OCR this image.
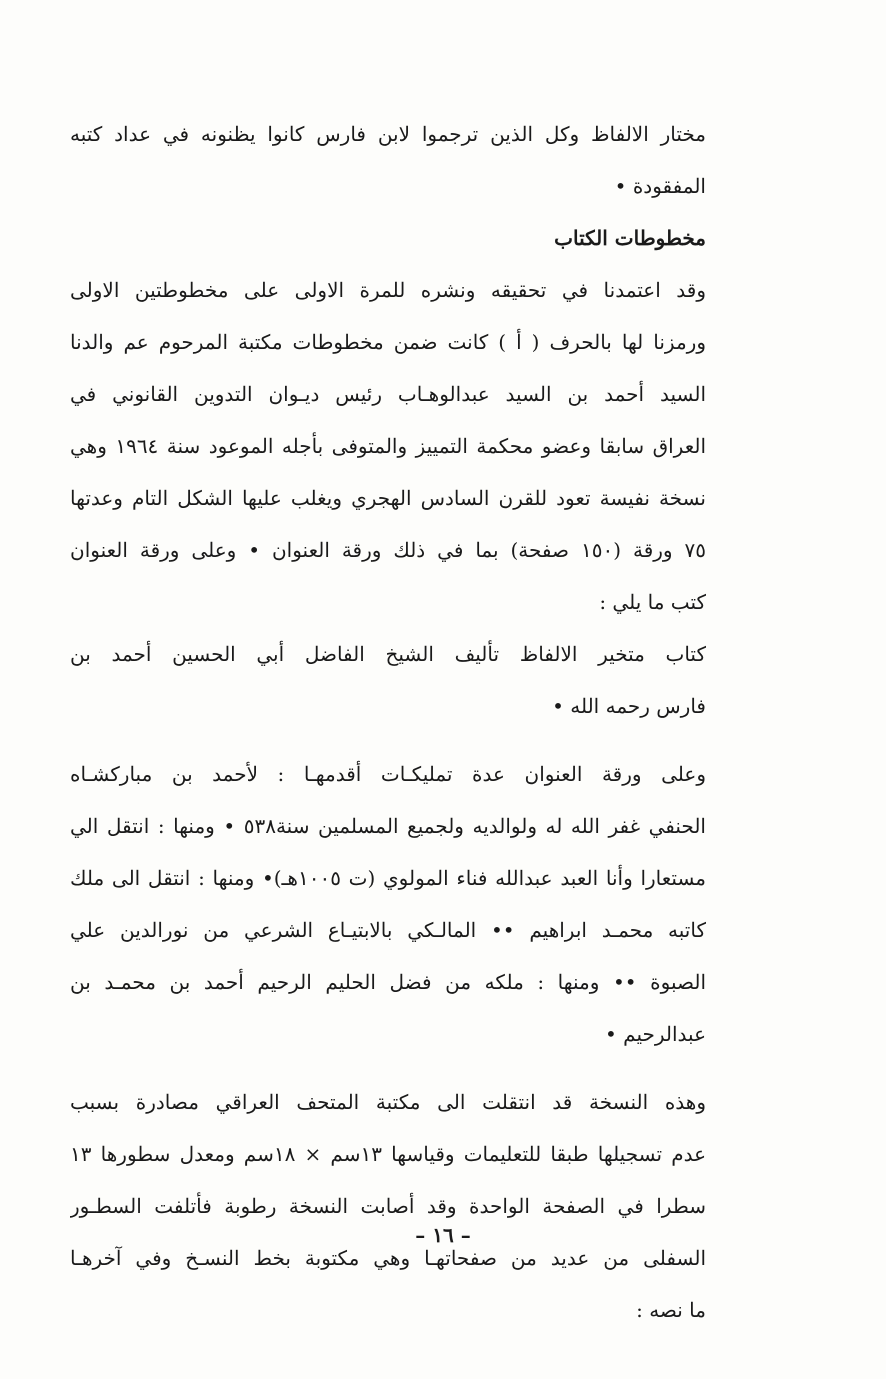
مختار الالفاظ وكل الذين ترجموا لابن فارس كانوا يظنونه في عداد كتبه
المفقودة •
مخطوطات الكتاب
وقد اعتمدنا في تحقيقه ونشره للمرة الاولى على مخطوطتين الاولى
ورمزنا لها بالحرف ( أ ) كانت ضمن مخطوطات مكتبة المرحوم عم والدنا
السيد أحمد بن السيد عبدالوهـاب رئيس ديـوان التدوين القانوني في
العراق سابقا وعضو محكمة التمييز والمتوفى بأجله الموعود سنة ١٩٦٤ وهي
نسخة نفيسة تعود للقرن السادس الهجري ويغلب عليها الشكل التام وعدتها
٧٥ ورقة (١٥٠ صفحة) بما في ذلك ورقة العنوان • وعلى ورقة العنوان
كتب ما يلي :
كتاب متخير الالفاظ تأليف الشيخ الفاضل أبي الحسين أحمد بن
فارس رحمه الله •
وعلى ورقة العنوان عدة تمليكـات أقدمهـا : لأحمد بن مباركشـاه
الحنفي غفر الله له ولوالديه ولجميع المسلمين سنة٥٣٨ • ومنها : انتقل الي
مستعارا وأنا العبد عبدالله فناء المولوي (ت ١٠٠٥هـ)• ومنها : انتقل الى ملك
كاتبه محمـد ابراهيم •• المالـكي بالابتيـاع الشرعي من نورالدين علي
الصبوة •• ومنها : ملكه من فضل الحليم الرحيم أحمد بن محمـد بن
عبدالرحيم •
وهذه النسخة قد انتقلت الى مكتبة المتحف العراقي مصادرة بسبب
عدم تسجيلها طبقا للتعليمات وقياسها ١٣سم × ١٨سم ومعدل سطورها ١٣
سطرا في الصفحة الواحدة وقد أصابت النسخة رطوبة فأتلفت السطـور
السفلى من عديد من صفحاتهـا وهي مكتوبة بخط النسـخ وفي آخرهـا
ما نصه :
– ١٦ –
